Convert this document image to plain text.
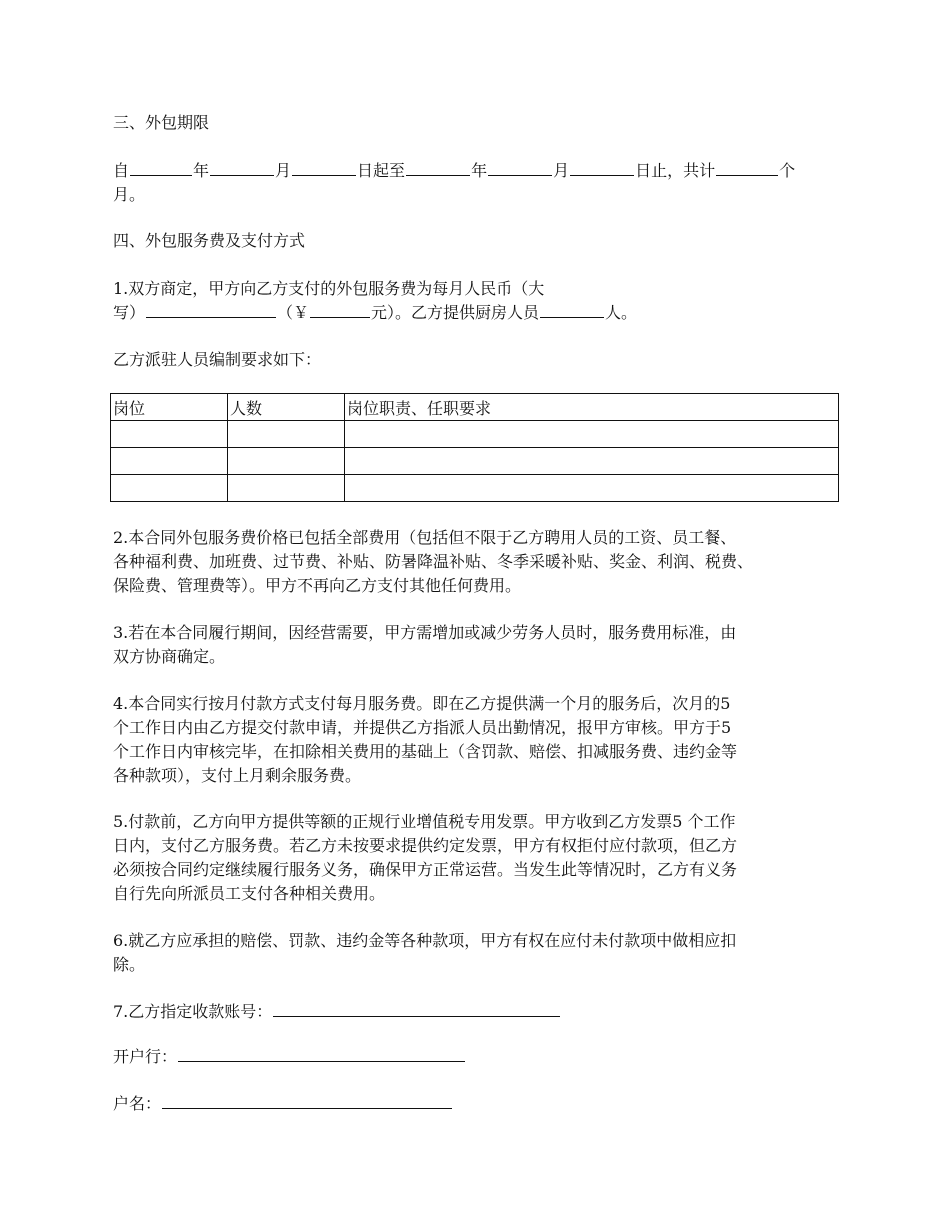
三、外包期限
自	年	月	日起至	年	月	日止，共计	个
月。
四、外包服务费及支付方式
1.双方商定，甲方向乙方支付的外包服务费为每月人民币（大
写）	（￥	元）。乙方提供厨房人员	人。
乙方派驻人员编制要求如下：
岗位	人数	岗位职责、任职要求

2.本合同外包服务费价格已包括全部费用（包括但不限于乙方聘用人员的工资、员工餐、
各种福利费、加班费、过节费、补贴、防暑降温补贴、冬季采暖补贴、奖金、利润、税费、
保险费、管理费等）。甲方不再向乙方支付其他任何费用。
3.若在本合同履行期间，因经营需要，甲方需增加或减少劳务人员时，服务费用标准，由
双方协商确定。
4.本合同实行按月付款方式支付每月服务费。即在乙方提供满一个月的服务后，次月的5
个工作日内由乙方提交付款申请，并提供乙方指派人员出勤情况，报甲方审核。甲方于5
个工作日内审核完毕，在扣除相关费用的基础上（含罚款、赔偿、扣减服务费、违约金等
各种款项），支付上月剩余服务费。
5.付款前，乙方向甲方提供等额的正规行业增值税专用发票。甲方收到乙方发票5 个工作
日内，支付乙方服务费。若乙方未按要求提供约定发票，甲方有权拒付应付款项，但乙方
必须按合同约定继续履行服务义务，确保甲方正常运营。当发生此等情况时，乙方有义务
自行先向所派员工支付各种相关费用。
6.就乙方应承担的赔偿、罚款、违约金等各种款项，甲方有权在应付未付款项中做相应扣
除。
7.乙方指定收款账号：
开户行：
户名：
